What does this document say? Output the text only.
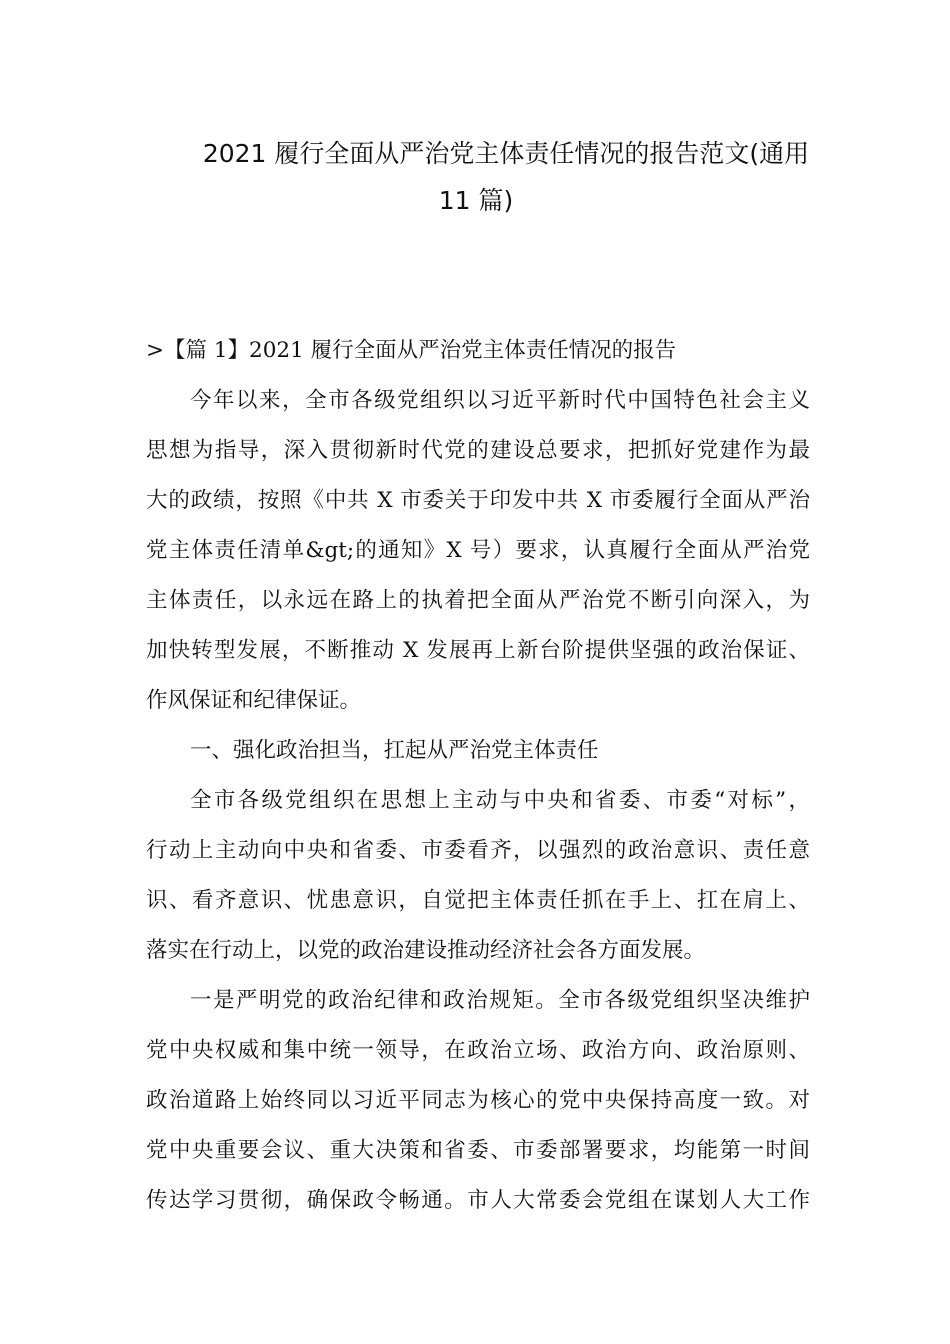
2021 履行全面从严治党主体责任情况的报告范文(通用
11 篇)
>【篇 1】2021 履行全面从严治党主体责任情况的报告
今年以来，全市各级党组织以习近平新时代中国特色社会主义
思想为指导，深入贯彻新时代党的建设总要求，把抓好党建作为最
大的政绩，按照《中共 X 市委关于印发中共 X 市委履行全面从严治
党主体责任清单&gt;的通知》X 号）要求，认真履行全面从严治党
主体责任，以永远在路上的执着把全面从严治党不断引向深入，为
加快转型发展，不断推动 X 发展再上新台阶提供坚强的政治保证、
作风保证和纪律保证。
一、强化政治担当，扛起从严治党主体责任
全市各级党组织在思想上主动与中央和省委、市委“对标”，
行动上主动向中央和省委、市委看齐，以强烈的政治意识、责任意
识、看齐意识、忧患意识，自觉把主体责任抓在手上、扛在肩上、
落实在行动上，以党的政治建设推动经济社会各方面发展。
一是严明党的政治纪律和政治规矩。全市各级党组织坚决维护
党中央权威和集中统一领导，在政治立场、政治方向、政治原则、
政治道路上始终同以习近平同志为核心的党中央保持高度一致。对
党中央重要会议、重大决策和省委、市委部署要求，均能第一时间
传达学习贯彻，确保政令畅通。市人大常委会党组在谋划人大工作
